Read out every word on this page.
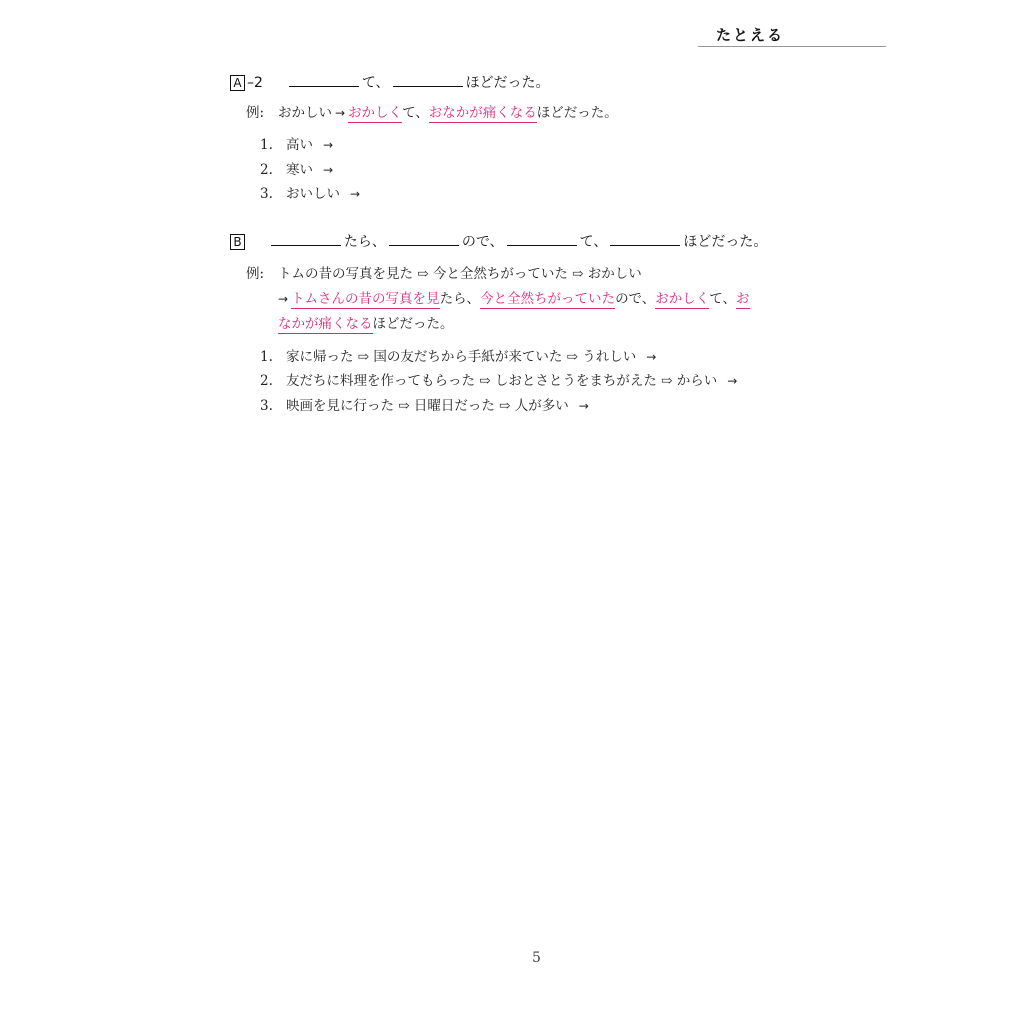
たとえる
A –2	て、	ほどだった。
例: おかしい → おかしくて、おなかが痛くなるほどだった。
1. 高い →
2. 寒い →
3. おいしい →
B	たら、	ので、	て、	ほどだった。
例: トムの昔の写真を見た ⇨ 今と全然ちがっていた ⇨ おかしい
→ トムさんの昔の写真を見たら、今と全然ちがっていたので、おかしくて、お
なかが痛くなるほどだった。
1. 家に帰った ⇨ 国の友だちから手紙が来ていた ⇨ うれしい →
2. 友だちに料理を作ってもらった ⇨ しおとさとうをまちがえた ⇨ からい →
3. 映画を見に行った ⇨ 日曜日だった ⇨ 人が多い →
5
